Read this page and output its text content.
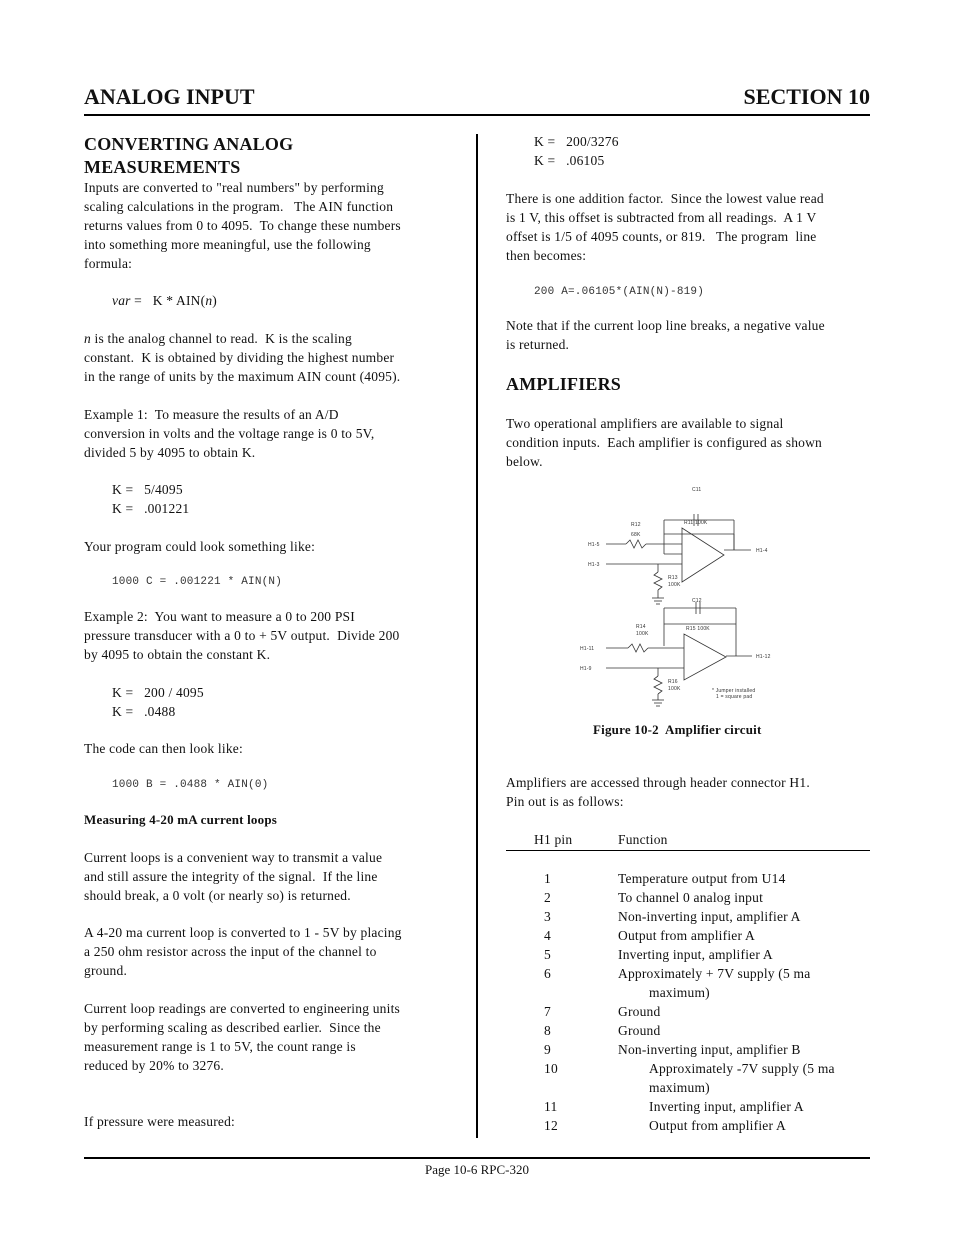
ANALOG INPUT	SECTION 10
CONVERTING ANALOG
MEASUREMENTS
Inputs are converted to "real numbers" by performing
scaling calculations in the program.   The AIN function
returns values from 0 to 4095.  To change these numbers
into something more meaningful, use the following
formula:
var =   K * AIN(n)
n is the analog channel to read.  K is the scaling
constant.  K is obtained by dividing the highest number
in the range of units by the maximum AIN count (4095).
Example 1:  To measure the results of an A/D
conversion in volts and the voltage range is 0 to 5V,
divided 5 by 4095 to obtain K.
K =   5/4095
K =   .001221
Your program could look something like:
1000 C = .001221 * AIN(N)
Example 2:  You want to measure a 0 to 200 PSI
pressure transducer with a 0 to + 5V output.  Divide 200
by 4095 to obtain the constant K.
K =   200 / 4095
K =   .0488
The code can then look like:
1000 B = .0488 * AIN(0)
Measuring 4-20 mA current loops
Current loops is a convenient way to transmit a value
and still assure the integrity of the signal.  If the line
should break, a 0 volt (or nearly so) is returned.
A 4-20 ma current loop is converted to 1 - 5V by placing
a 250 ohm resistor across the input of the channel to
ground.
Current loop readings are converted to engineering units
by performing scaling as described earlier.  Since the
measurement range is 1 to 5V, the count range is
reduced by 20% to 3276.
If pressure were measured:
K =   200/3276
K =   .06105
There is one addition factor.  Since the lowest value read
is 1 V, this offset is subtracted from all readings.  A 1 V
offset is 1/5 of 4095 counts, or 819.   The program  line
then becomes:
200 A=.06105*(AIN(N)-819)
Note that if the current loop line breaks, a negative value
is returned.
AMPLIFIERS
Two operational amplifiers are available to signal
condition inputs.  Each amplifier is configured as shown
below.
C11
R11 100K
R12
68K
H1-5
H1-3
H1-4
R13
100K
C12
R15 100K
R14
100K
H1-11
H1-9
H1-12
R16
100K	* Jumper installed
1 = square pad
Figure 10-2  Amplifier circuit
Amplifiers are accessed through header connector H1.
Pin out is as follows:
H1 pin	Function
1	Temperature output from U14
2	To channel 0 analog input
3	Non-inverting input, amplifier A
4	Output from amplifier A
5	Inverting input, amplifier A
6	Approximately + 7V supply (5 ma
maximum)
7	Ground
8	Ground
9	Non-inverting input, amplifier B
10	Approximately -7V supply (5 ma
maximum)
11	Inverting input, amplifier A
12	Output from amplifier A
Page 10-6 RPC-320
